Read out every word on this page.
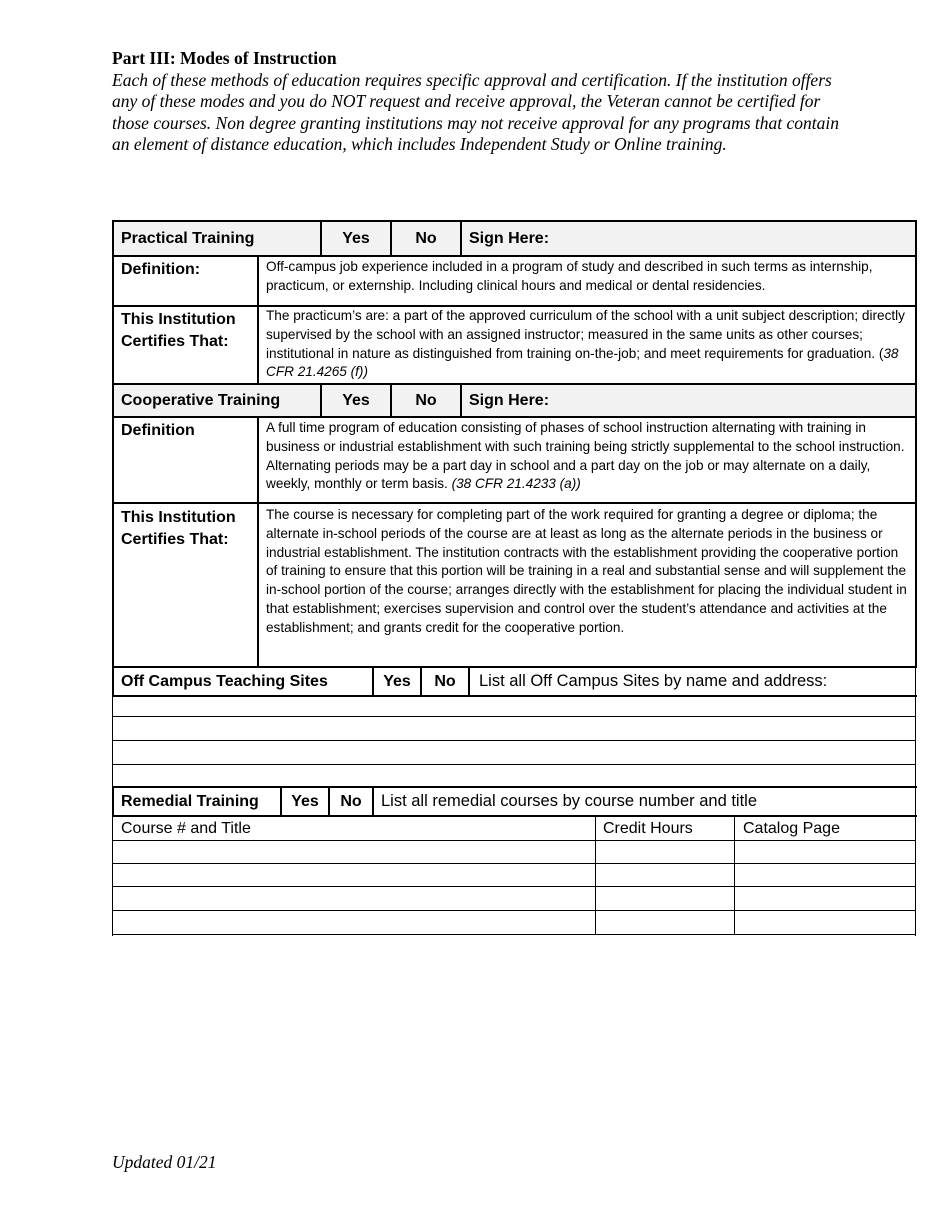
Part III: Modes of Instruction
Each of these methods of education requires specific approval and certification. If the institution offers any of these modes and you do NOT request and receive approval, the Veteran cannot be certified for those courses. Non degree granting institutions may not receive approval for any programs that contain an element of distance education, which includes Independent Study or Online training.
Practical Training	Yes	No	Sign Here:
Definition:	Off-campus job experience included in a program of study and described in such terms as internship, practicum, or externship. Including clinical hours and medical or dental residencies.
This Institution Certifies That:
The practicum’s are: a part of the approved curriculum of the school with a unit subject description; directly supervised by the school with an assigned instructor; measured in the same units as other courses; institutional in nature as distinguished from training on-the-job; and meet requirements for graduation. (38 CFR 21.4265 (f))
Cooperative Training	Yes	No	Sign Here:
Definition	A full time program of education consisting of phases of school instruction alternating with training in business or industrial establishment with such training being strictly supplemental to the school instruction. Alternating periods may be a part day in school and a part day on the job or may alternate on a daily, weekly, monthly or term basis. (38 CFR 21.4233 (a))
This Institution Certifies That:
The course is necessary for completing part of the work required for granting a degree or diploma; the alternate in-school periods of the course are at least as long as the alternate periods in the business or industrial establishment. The institution contracts with the establishment providing the cooperative portion of training to ensure that this portion will be training in a real and substantial sense and will supplement the in-school portion of the course; arranges directly with the establishment for placing the individual student in that establishment; exercises supervision and control over the student’s attendance and activities at the establishment; and grants credit for the cooperative portion.
Off Campus Teaching Sites	Yes	No	List all Off Campus Sites by name and address:
Remedial Training	Yes	No	List all remedial courses by course number and title
Course # and Title	Credit Hours	Catalog Page
Updated 01/21
